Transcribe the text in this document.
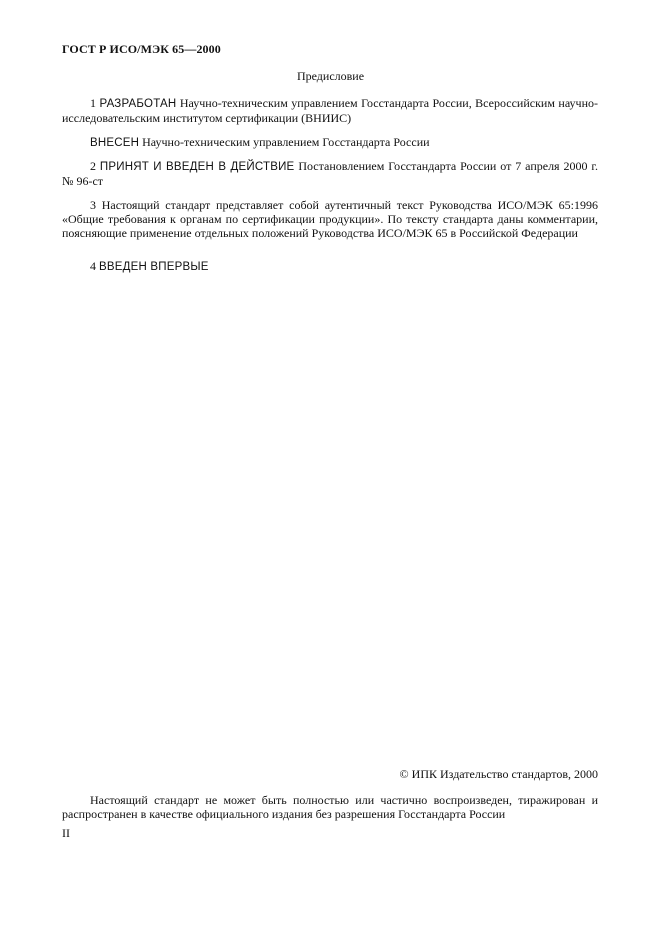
ГОСТ Р ИСО/МЭК 65—2000
Предисловие
1 РАЗРАБОТАН Научно-техническим управлением Госстандарта России, Всероссийским научно-исследовательским институтом сертификации (ВНИИС)
ВНЕСЕН Научно-техническим управлением Госстандарта России
2 ПРИНЯТ И ВВЕДЕН В ДЕЙСТВИЕ Постановлением Госстандарта России от 7 апреля 2000 г. № 96-ст
3 Настоящий стандарт представляет собой аутентичный текст Руководства ИСО/МЭК 65:1996 «Общие требования к органам по сертификации продукции». По тексту стандарта даны комментарии, поясняющие применение отдельных положений Руководства ИСО/МЭК 65 в Российской Федерации
4 ВВЕДЕН ВПЕРВЫЕ
© ИПК Издательство стандартов, 2000
Настоящий стандарт не может быть полностью или частично воспроизведен, тиражирован и распространен в качестве официального издания без разрешения Госстандарта России
II
